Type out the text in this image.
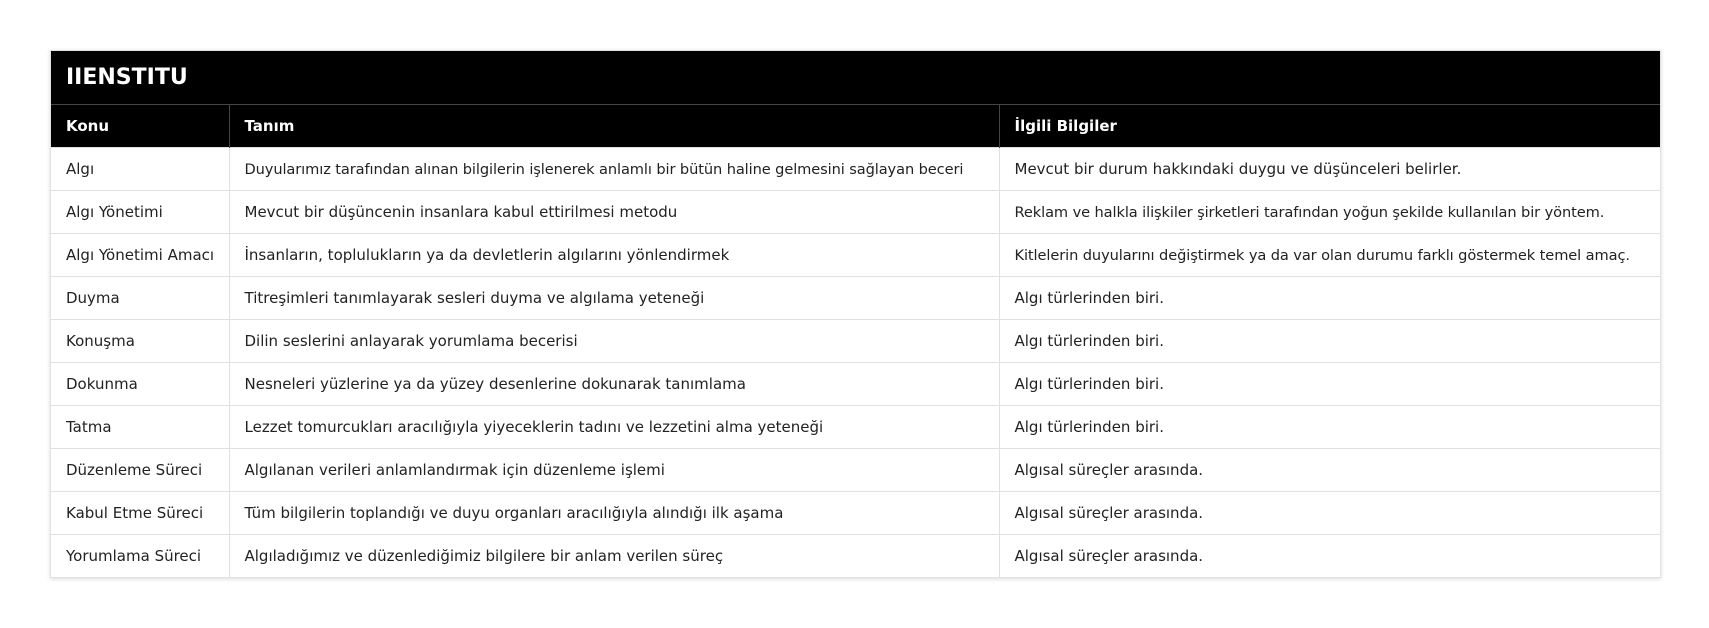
IIENSTITU
Konu	Tanım	İlgili Bilgiler
Algı	Duyularımız tarafından alınan bilgilerin işlenerek anlamlı bir bütün haline gelmesini sağlayan beceri	Mevcut bir durum hakkındaki duygu ve düşünceleri belirler.
Algı Yönetimi	Mevcut bir düşüncenin insanlara kabul ettirilmesi metodu	Reklam ve halkla ilişkiler şirketleri tarafından yoğun şekilde kullanılan bir yöntem.
Algı Yönetimi Amacı	İnsanların, toplulukların ya da devletlerin algılarını yönlendirmek	Kitlelerin duyularını değiştirmek ya da var olan durumu farklı göstermek temel amaç.
Duyma	Titreşimleri tanımlayarak sesleri duyma ve algılama yeteneği	Algı türlerinden biri.
Konuşma	Dilin seslerini anlayarak yorumlama becerisi	Algı türlerinden biri.
Dokunma	Nesneleri yüzlerine ya da yüzey desenlerine dokunarak tanımlama	Algı türlerinden biri.
Tatma	Lezzet tomurcukları aracılığıyla yiyeceklerin tadını ve lezzetini alma yeteneği	Algı türlerinden biri.
Düzenleme Süreci	Algılanan verileri anlamlandırmak için düzenleme işlemi	Algısal süreçler arasında.
Kabul Etme Süreci	Tüm bilgilerin toplandığı ve duyu organları aracılığıyla alındığı ilk aşama	Algısal süreçler arasında.
Yorumlama Süreci	Algıladığımız ve düzenlediğimiz bilgilere bir anlam verilen süreç	Algısal süreçler arasında.
